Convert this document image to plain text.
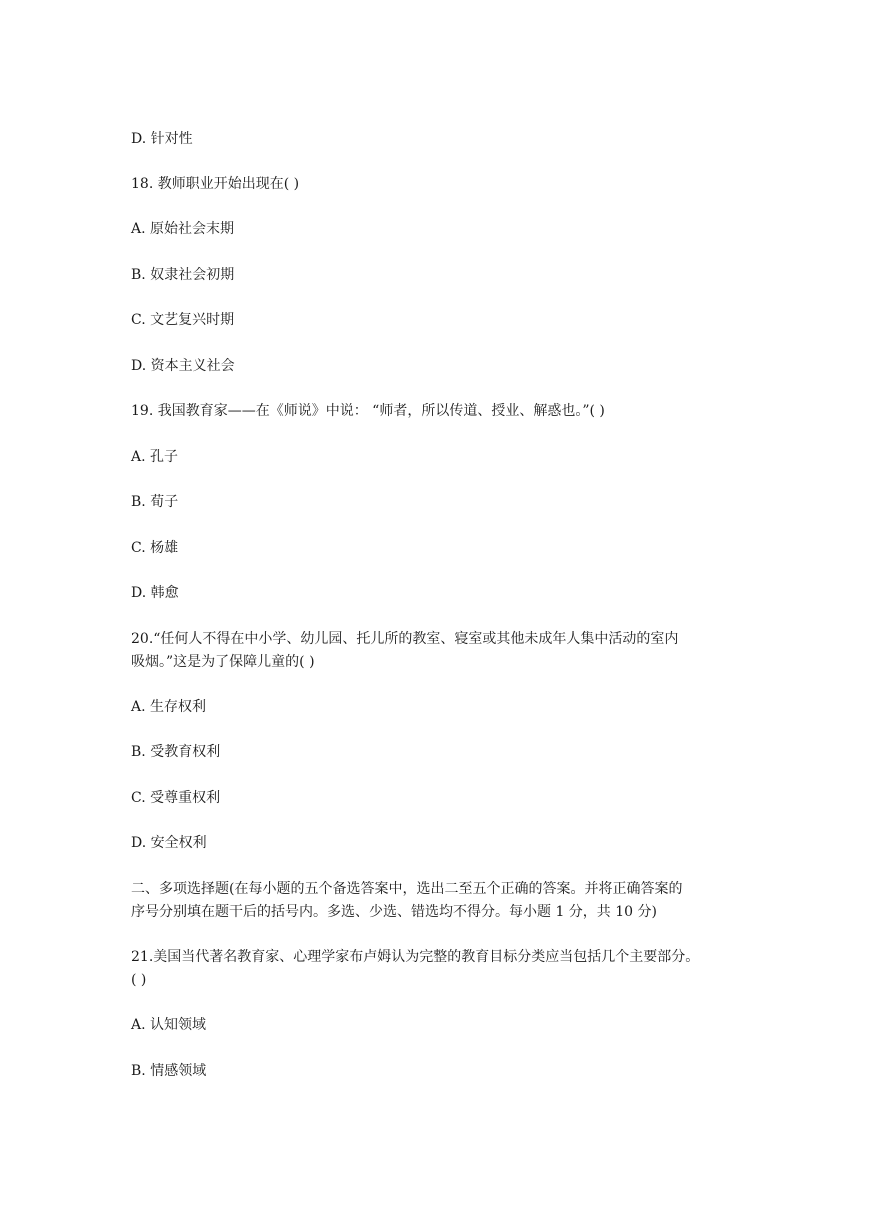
D. 针对性

18. 教师职业开始出现在( )

A. 原始社会末期

B. 奴隶社会初期

C. 文艺复兴时期

D. 资本主义社会

19. 我国教育家——在《师说》中说： “师者，所以传道、授业、解惑也。”( )

A. 孔子

B. 荀子

C. 杨雄

D. 韩愈

20.“任何人不得在中小学、幼儿园、托儿所的教室、寝室或其他未成年人集中活动的室内

吸烟。”这是为了保障儿童的( )

A. 生存权利

B. 受教育权利

C. 受尊重权利

D. 安全权利

二、多项选择题(在每小题的五个备选答案中，选出二至五个正确的答案。并将正确答案的

序号分别填在题干后的括号内。多选、少选、错选均不得分。每小题 1 分，共 10 分)

21.美国当代著名教育家、心理学家布卢姆认为完整的教育目标分类应当包括几个主要部分。

( )

A. 认知领域

B. 情感领域
